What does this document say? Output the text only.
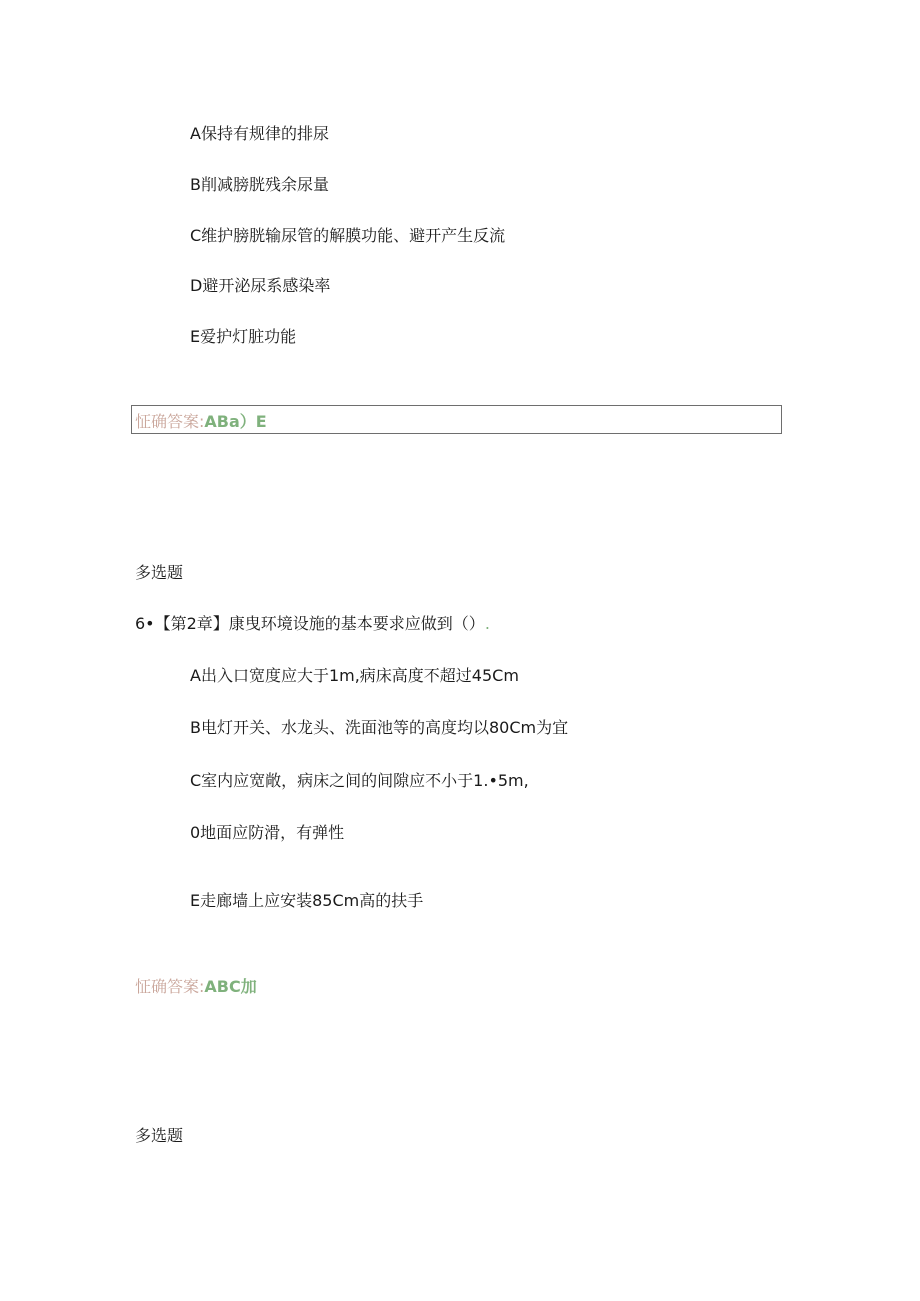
A保持有规律的排尿
B削减膀胱残余尿量
C维护膀胱输尿管的解膜功能、避开产生反流
D避开泌尿系感染率
E爱护灯脏功能
怔确答案:ABa）E
多选题
6•【第2章】康曳环境设施的基本要求应做到（）.
A出入口宽度应大于1m,病床高度不超过45Cm
B电灯开关、水龙头、洗面池等的高度均以80Cm为宜
C室内应宽敞，病床之间的间隙应不小于1.•5m,
0地面应防滑，有弹性
E走廊墙上应安装85Cm高的扶手
怔确答案:ABC加
多选题
